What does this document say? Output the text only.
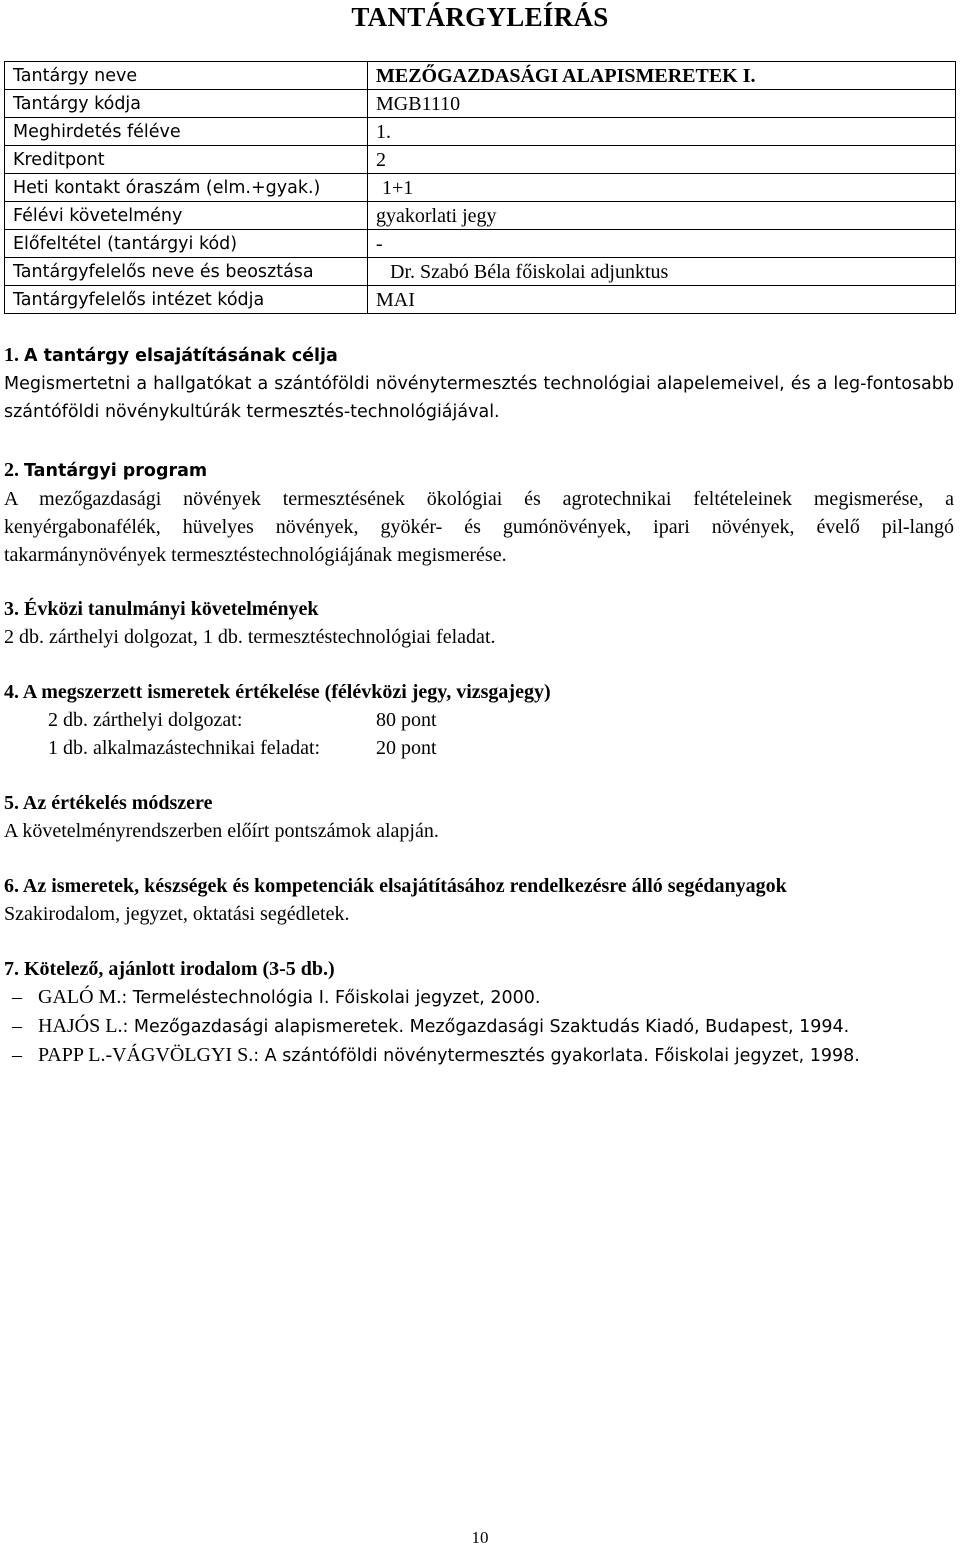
TANTÁRGYLEÍRÁS
Tantárgy neve	MEZŐGAZDASÁGI ALAPISMERETEK I.
Tantárgy kódja	MGB1110
Meghirdetés féléve	1.
Kreditpont	2
Heti kontakt óraszám (elm.+gyak.)	1+1
Félévi követelmény	gyakorlati jegy
Előfeltétel (tantárgyi kód)	-
Tantárgyfelelős neve és beosztása	Dr. Szabó Béla főiskolai adjunktus
Tantárgyfelelős intézet kódja	MAI
1. A tantárgy elsajátításának célja
Megismertetni a hallgatókat a szántóföldi növénytermesztés technológiai alapelemeivel, és a leg-fontosabb szántóföldi növénykultúrák termesztés-technológiájával.
2. Tantárgyi program
A mezőgazdasági növények termesztésének ökológiai és agrotechnikai feltételeinek megismerése, a kenyérgabonafélék, hüvelyes növények, gyökér- és gumónövények, ipari növények, évelő pil-langó takarmánynövények termesztéstechnológiájának megismerése.
3. Évközi tanulmányi követelmények
2 db. zárthelyi dolgozat, 1 db. termesztéstechnológiai feladat.
4. A megszerzett ismeretek értékelése (félévközi jegy, vizsgajegy)
2 db. zárthelyi dolgozat:	80 pont
1 db. alkalmazástechnikai feladat:	20 pont
5. Az értékelés módszere
A követelményrendszerben előírt pontszámok alapján.
6. Az ismeretek, készségek és kompetenciák elsajátításához rendelkezésre álló segédanyagok
Szakirodalom, jegyzet, oktatási segédletek.
7. Kötelező, ajánlott irodalom (3-5 db.)
– GALÓ M. : Termeléstechnológia I. Főiskolai jegyzet, 2000.
– HAJÓS L. : Mezőgazdasági alapismeretek. Mezőgazdasági Szaktudás Kiadó, Budapest, 1994.
– PAPP L.-VÁGVÖLGYI S. : A szántóföldi növénytermesztés gyakorlata. Főiskolai jegyzet, 1998.
10
